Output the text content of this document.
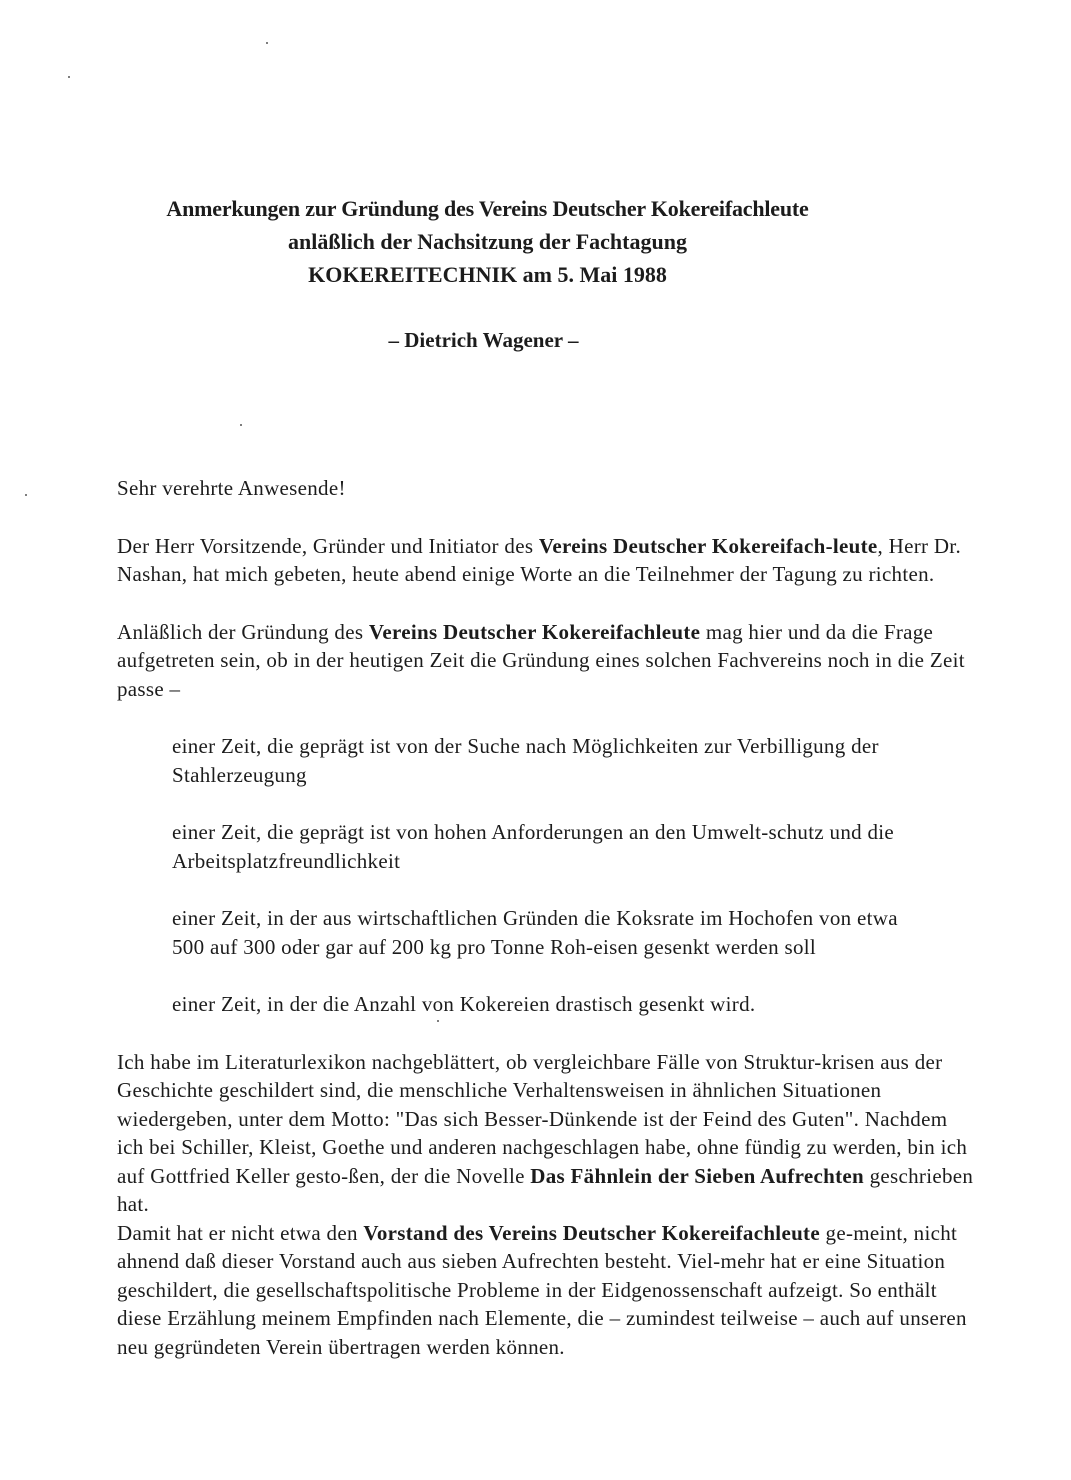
Anmerkungen zur Gründung des Vereins Deutscher Kokereifachleute
anläßlich der Nachsitzung der Fachtagung
KOKEREITECHNIK am 5. Mai 1988
– Dietrich Wagener –

Sehr verehrte Anwesende!

Der Herr Vorsitzende, Gründer und Initiator des Vereins Deutscher Kokereifach-leute, Herr Dr. Nashan, hat mich gebeten, heute abend einige Worte an die Teilnehmer der Tagung zu richten.

Anläßlich der Gründung des Vereins Deutscher Kokereifachleute mag hier und da die Frage aufgetreten sein, ob in der heutigen Zeit die Gründung eines solchen Fachvereins noch in die Zeit passe –

einer Zeit, die geprägt ist von der Suche nach Möglichkeiten zur Verbilligung der Stahlerzeugung

einer Zeit, die geprägt ist von hohen Anforderungen an den Umwelt-schutz und die Arbeitsplatzfreundlichkeit

einer Zeit, in der aus wirtschaftlichen Gründen die Koksrate im Hochofen von etwa 500 auf 300 oder gar auf 200 kg pro Tonne Roh-eisen gesenkt werden soll

einer Zeit, in der die Anzahl von Kokereien drastisch gesenkt wird.

Ich habe im Literaturlexikon nachgeblättert, ob vergleichbare Fälle von Struktur-krisen aus der Geschichte geschildert sind, die menschliche Verhaltensweisen in ähnlichen Situationen wiedergeben, unter dem Motto: "Das sich Besser-Dünkende ist der Feind des Guten". Nachdem ich bei Schiller, Kleist, Goethe und anderen nachgeschlagen habe, ohne fündig zu werden, bin ich auf Gottfried Keller gesto-ßen, der die Novelle Das Fähnlein der Sieben Aufrechten geschrieben hat.
Damit hat er nicht etwa den Vorstand des Vereins Deutscher Kokereifachleute ge-meint, nicht ahnend daß dieser Vorstand auch aus sieben Aufrechten besteht. Viel-mehr hat er eine Situation geschildert, die gesellschaftspolitische Probleme in der Eidgenossenschaft aufzeigt. So enthält diese Erzählung meinem Empfinden nach Elemente, die – zumindest teilweise – auch auf unseren neu gegründeten Verein übertragen werden können.
